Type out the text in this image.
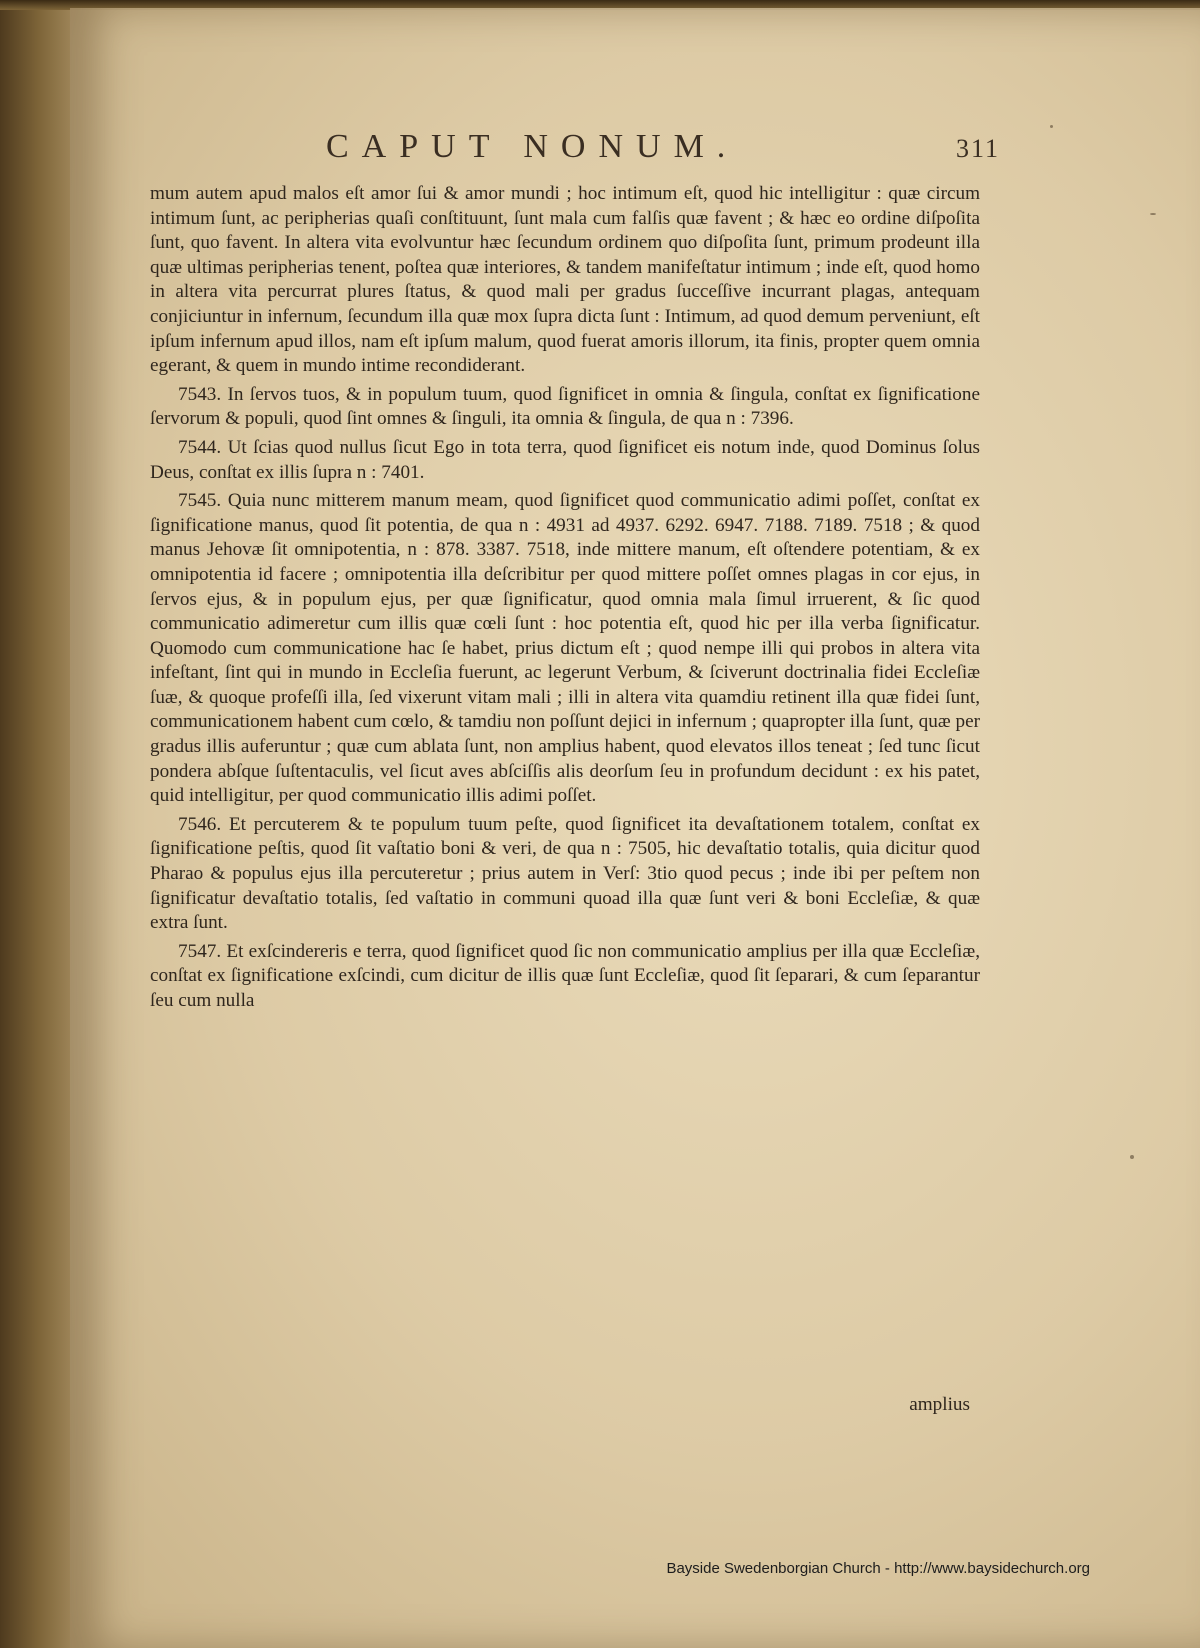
CAPUT NONUM.	311

mum autem apud malos eſt amor ſui & amor mundi ; hoc intimum eſt, quod hic intelligitur : quæ circum intimum ſunt, ac peripherias quaſi conſtituunt, ſunt mala cum falſis quæ favent ; & hæc eo ordine diſpoſita ſunt, quo favent. In altera vita evolvuntur hæc ſecundum ordinem quo diſpoſita ſunt, primum prodeunt illa quæ ultimas peripherias tenent, poſtea quæ interiores, & tandem manifeſtatur intimum ; inde eſt, quod homo in altera vita percurrat plures ſtatus, & quod mali per gradus ſucceſſive incurrant plagas, antequam conjiciuntur in infernum, ſecundum illa quæ mox ſupra dicta ſunt : Intimum, ad quod demum perveniunt, eſt ipſum infernum apud illos, nam eſt ipſum malum, quod fuerat amoris illorum, ita finis, propter quem omnia egerant, & quem in mundo intime recondiderant.

7543. In ſervos tuos, & in populum tuum, quod ſignificet in omnia & ſingula, conſtat ex ſignificatione ſervorum & populi, quod ſint omnes & ſinguli, ita omnia & ſingula, de qua n : 7396.

7544. Ut ſcias quod nullus ſicut Ego in tota terra, quod ſignificet eis notum inde, quod Dominus ſolus Deus, conſtat ex illis ſupra n : 7401.

7545. Quia nunc mitterem manum meam, quod ſignificet quod communicatio adimi poſſet, conſtat ex ſignificatione manus, quod ſit potentia, de qua n : 4931 ad 4937. 6292. 6947. 7188. 7189. 7518 ; & quod manus Jehovæ ſit omnipotentia, n : 878. 3387. 7518, inde mittere manum, eſt oſtendere potentiam, & ex omnipotentia id facere ; omnipotentia illa deſcribitur per quod mittere poſſet omnes plagas in cor ejus, in ſervos ejus, & in populum ejus, per quæ ſignificatur, quod omnia mala ſimul irruerent, & ſic quod communicatio adimeretur cum illis quæ cœli ſunt : hoc potentia eſt, quod hic per illa verba ſignificatur. Quomodo cum communicatione hac ſe habet, prius dictum eſt ; quod nempe illi qui probos in altera vita infeſtant, ſint qui in mundo in Eccleſia fuerunt, ac legerunt Verbum, & ſciverunt doctrinalia fidei Eccleſiæ ſuæ, & quoque profeſſi illa, ſed vixerunt vitam mali ; illi in altera vita quamdiu retinent illa quæ fidei ſunt, communicationem habent cum cœlo, & tamdiu non poſſunt dejici in infernum ; quapropter illa ſunt, quæ per gradus illis auferuntur ; quæ cum ablata ſunt, non amplius habent, quod elevatos illos teneat ; ſed tunc ſicut pondera abſque ſuſtentaculis, vel ſicut aves abſciſſis alis deorſum ſeu in profundum decidunt : ex his patet, quid intelligitur, per quod communicatio illis adimi poſſet.

7546. Et percuterem & te populum tuum peſte, quod ſignificet ita devaſtationem totalem, conſtat ex ſignificatione peſtis, quod ſit vaſtatio boni & veri, de qua n : 7505, hic devaſtatio totalis, quia dicitur quod Pharao & populus ejus illa percuteretur ; prius autem in Verſ: 3tio quod pecus ; inde ibi per peſtem non ſignificatur devaſtatio totalis, ſed vaſtatio in communi quoad illa quæ ſunt veri & boni Eccleſiæ, & quæ extra ſunt.

7547. Et exſcindereris e terra, quod ſignificet quod ſic non communicatio amplius per illa quæ Eccleſiæ, conſtat ex ſignificatione exſcindi, cum dicitur de illis quæ ſunt Eccleſiæ, quod ſit ſeparari, & cum ſeparantur ſeu cum nulla

amplius
Bayside Swedenborgian Church - http://www.baysidechurch.org
